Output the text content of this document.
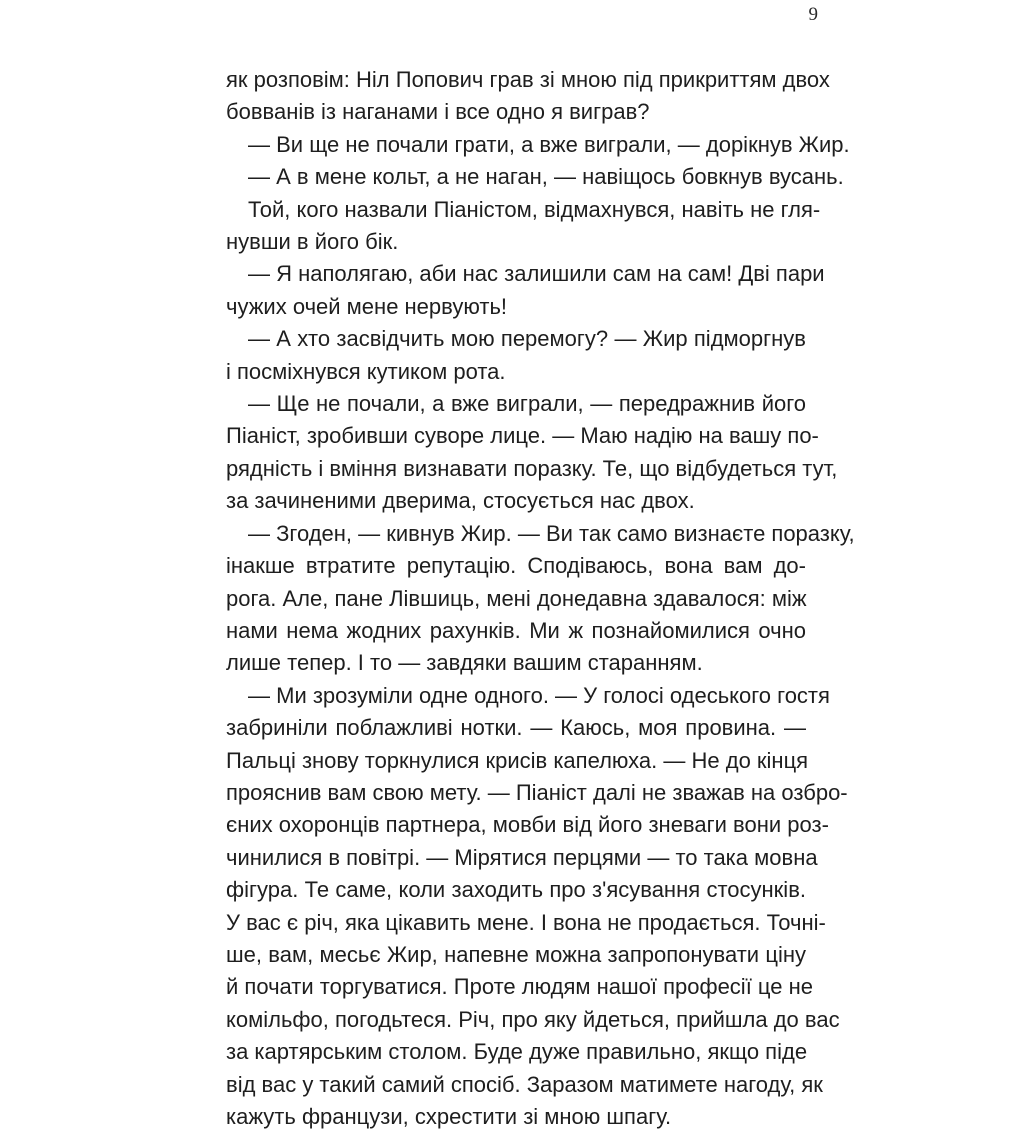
9
як розповім: Ніл Попович грав зі мною під прикриттям двох
бовванів із наганами і все одно я виграв?
— Ви ще не почали грати, а вже виграли, — дорікнув Жир.
— А в мене кольт, а не наган, — навіщось бовкнув вусань.
Той, кого назвали Піаністом, відмахнувся, навіть не гля-
нувши в його бік.
— Я наполягаю, аби нас залишили сам на сам! Дві пари
чужих очей мене нервують!
— А хто засвідчить мою перемогу? — Жир підморгнув
і посміхнувся кутиком рота.
— Ще не почали, а вже виграли, — передражнив його
Піаніст, зробивши суворе лице. — Маю надію на вашу по-
рядність і вміння визнавати поразку. Те, що відбудеться тут,
за зачиненими дверима, стосується нас двох.
— Згоден, — кивнув Жир. — Ви так само визнаєте поразку,
інакше втратите репутацію. Сподіваюсь, вона вам до-
рога. Але, пане Лівшиць, мені донедавна здавалося: між
нами нема жодних рахунків. Ми ж познайомилися очно
лише тепер. І то — завдяки вашим старанням.
— Ми зрозуміли одне одного. — У голосі одеського гостя
забриніли поблажливі нотки. — Каюсь, моя провина. —
Пальці знову торкнулися крисів капелюха. — Не до кінця
прояснив вам свою мету. — Піаніст далі не зважав на озбро-
єних охоронців партнера, мовби від його зневаги вони роз-
чинилися в повітрі. — Мірятися перцями — то така мовна
фігура. Те саме, коли заходить про з'ясування стосунків.
У вас є річ, яка цікавить мене. І вона не продається. Точні-
ше, вам, месьє Жир, напевне можна запропонувати ціну
й почати торгуватися. Проте людям нашої професії це не
комільфо, погодьтеся. Річ, про яку йдеться, прийшла до вас
за картярським столом. Буде дуже правильно, якщо піде
від вас у такий самий спосіб. Заразом матимете нагоду, як
кажуть французи, схрестити зі мною шпагу.
